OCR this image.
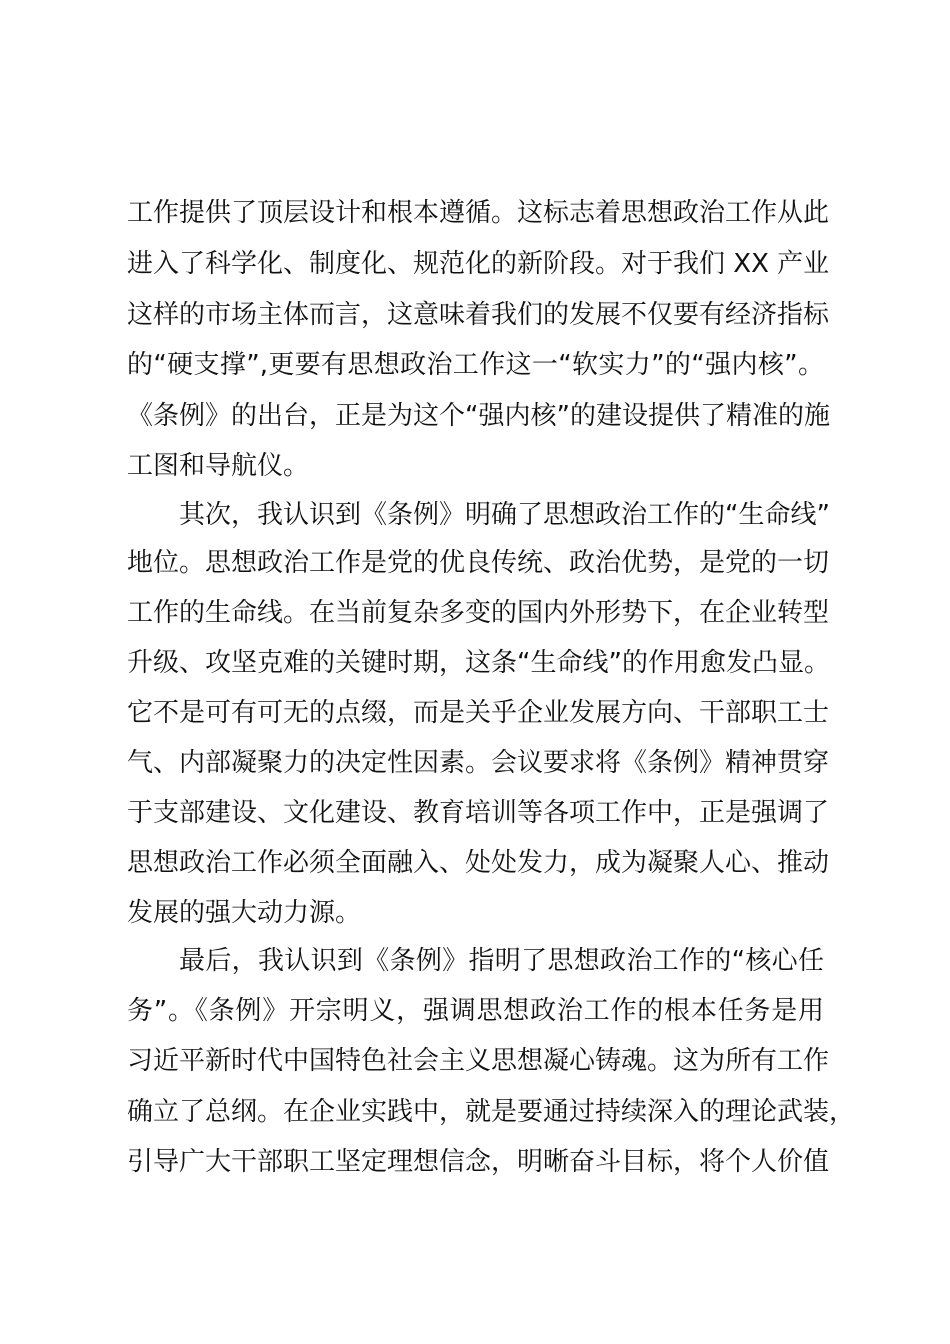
工作提供了顶层设计和根本遵循。这标志着思想政治工作从此
进入了科学化、制度化、规范化的新阶段。对于我们 XX 产业
这样的市场主体而言，这意味着我们的发展不仅要有经济指标
的“硬支撑”,更要有思想政治工作这一“软实力”的“强内核”。
《条例》的出台，正是为这个“强内核”的建设提供了精准的施
工图和导航仪。
其次，我认识到《条例》明确了思想政治工作的“生命线”
地位。思想政治工作是党的优良传统、政治优势，是党的一切
工作的生命线。在当前复杂多变的国内外形势下，在企业转型
升级、攻坚克难的关键时期，这条“生命线”的作用愈发凸显。
它不是可有可无的点缀，而是关乎企业发展方向、干部职工士
气、内部凝聚力的决定性因素。会议要求将《条例》精神贯穿
于支部建设、文化建设、教育培训等各项工作中，正是强调了
思想政治工作必须全面融入、处处发力，成为凝聚人心、推动
发展的强大动力源。
最后，我认识到《条例》指明了思想政治工作的“核心任
务”。《条例》开宗明义，强调思想政治工作的根本任务是用
习近平新时代中国特色社会主义思想凝心铸魂。这为所有工作
确立了总纲。在企业实践中，就是要通过持续深入的理论武装，
引导广大干部职工坚定理想信念，明晰奋斗目标，将个人价值
